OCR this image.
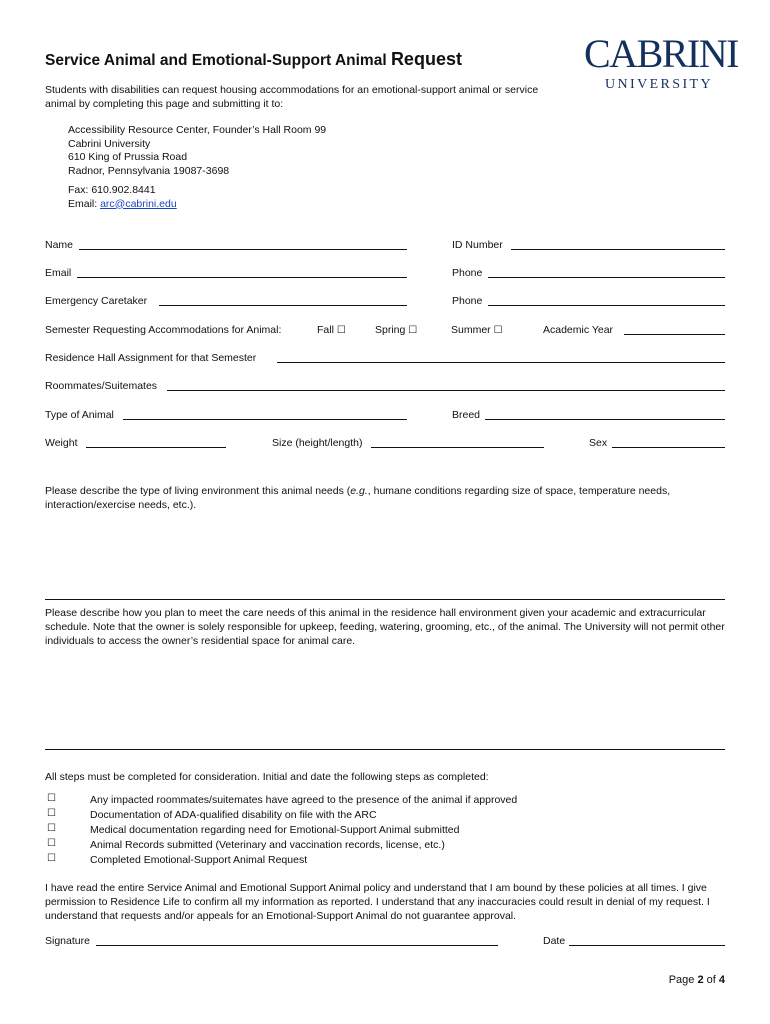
Service Animal and Emotional-Support Animal Request	CABRINI
UNIVERSITY
Students with disabilities can request housing accommodations for an emotional-support animal or service animal by completing this page and submitting it to:
Accessibility Resource Center, Founder’s Hall Room 99
Cabrini University
610 King of Prussia Road
Radnor, Pennsylvania 19087-3698
Fax: 610.902.8441
Email: arc@cabrini.edu
Name	ID Number
Email	Phone
Emergency Caretaker	Phone
Semester Requesting Accommodations for Animal:	Fall ☐	Spring ☐	Summer ☐	Academic Year
Residence Hall Assignment for that Semester
Roommates/Suitemates
Type of Animal	Breed
Weight	Size (height/length)	Sex
Please describe the type of living environment this animal needs (e.g., humane conditions regarding size of space, temperature needs, interaction/exercise needs, etc.).
Please describe how you plan to meet the care needs of this animal in the residence hall environment given your academic and extracurricular schedule. Note that the owner is solely responsible for upkeep, feeding, watering, grooming, etc., of the animal. The University will not permit other individuals to access the owner’s residential space for animal care.
All steps must be completed for consideration. Initial and date the following steps as completed:
☐	Any impacted roommates/suitemates have agreed to the presence of the animal if approved
☐	Documentation of ADA-qualified disability on file with the ARC
☐	Medical documentation regarding need for Emotional-Support Animal submitted
☐	Animal Records submitted (Veterinary and vaccination records, license, etc.)
☐	Completed Emotional-Support Animal Request
I have read the entire Service Animal and Emotional Support Animal policy and understand that I am bound by these policies at all times. I give permission to Residence Life to confirm all my information as reported. I understand that any inaccuracies could result in denial of my request. I understand that requests and/or appeals for an Emotional-Support Animal do not guarantee approval.
Signature	Date
Page 2 of 4
